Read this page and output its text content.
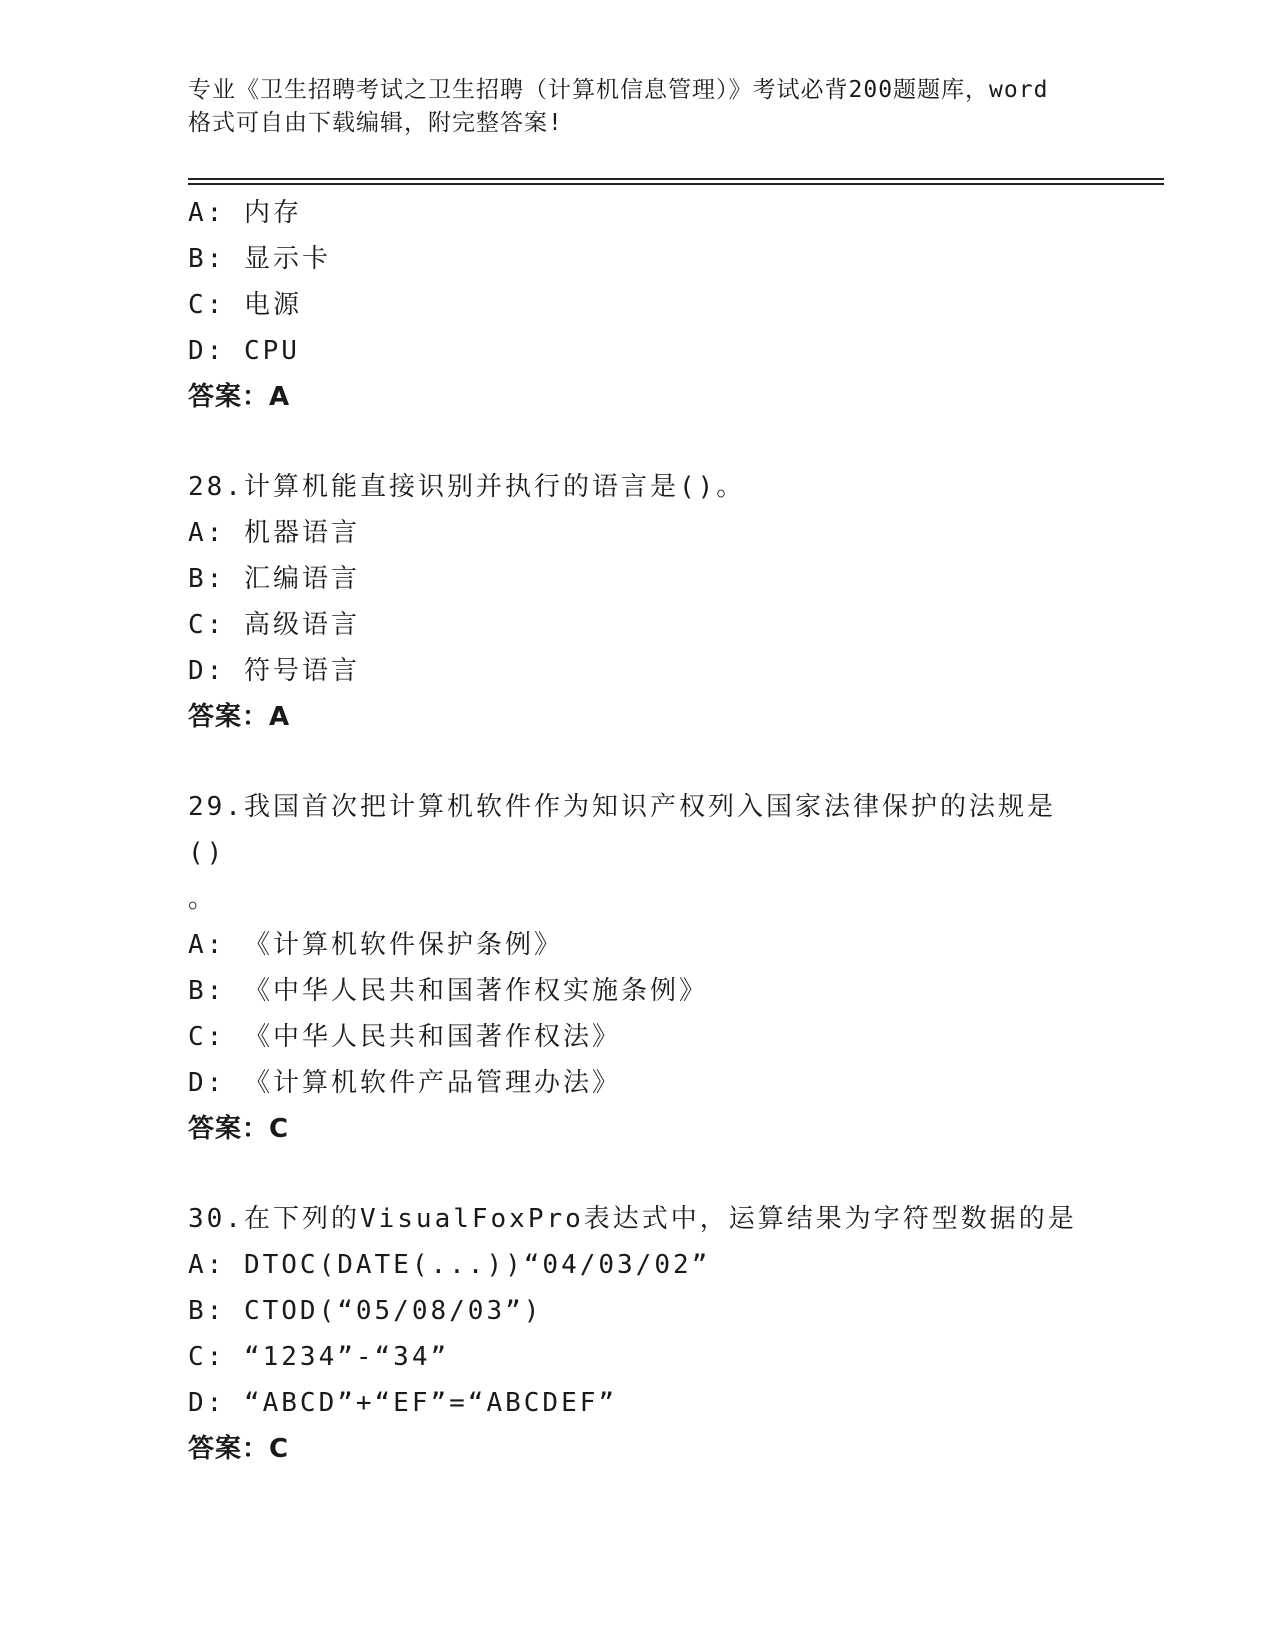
专业《卫生招聘考试之卫生招聘（计算机信息管理）》考试必背200题题库，word
格式可自由下载编辑，附完整答案!
A: 内存
B: 显示卡
C: 电源
D: CPU
答案：A
28.计算机能直接识别并执行的语言是()。
A: 机器语言
B: 汇编语言
C: 高级语言
D: 符号语言
答案：A
29.我国首次把计算机软件作为知识产权列入国家法律保护的法规是()
。
A: 《计算机软件保护条例》
B: 《中华人民共和国著作权实施条例》
C: 《中华人民共和国著作权法》
D: 《计算机软件产品管理办法》
答案：C
30.在下列的VisualFoxPro表达式中，运算结果为字符型数据的是
A: DTOC(DATE(...))“04/03/02”
B: CTOD(“05/08/03”)
C: “1234”-“34”
D: “ABCD”+“EF”=“ABCDEF”
答案：C
